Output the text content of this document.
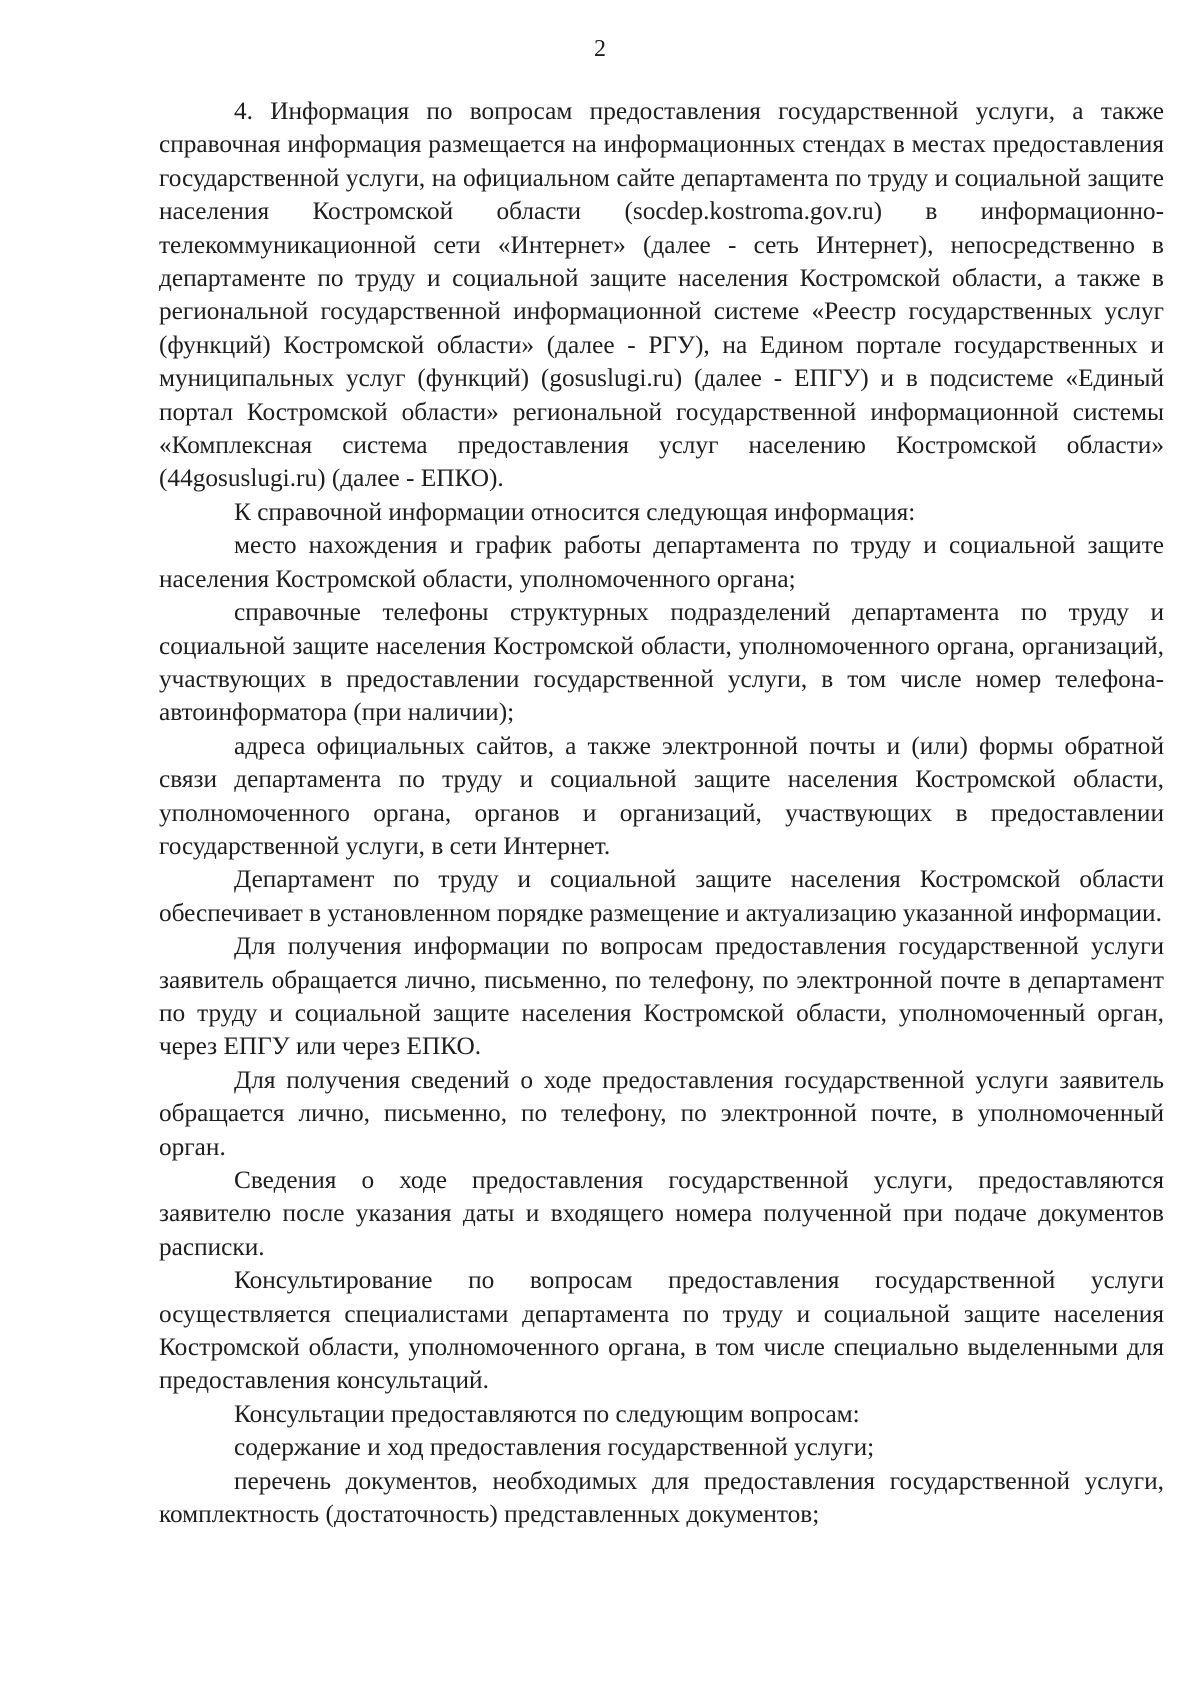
2

4. Информация по вопросам предоставления государственной услуги, а также справочная информация размещается на информационных стендах в местах предоставления государственной услуги, на официальном сайте департамента по труду и социальной защите населения Костромской области (socdep.kostroma.gov.ru) в информационно-телекоммуникационной сети «Интернет» (далее - сеть Интернет), непосредственно в департаменте по труду и социальной защите населения Костромской области, а также в региональной государственной информационной системе «Реестр государственных услуг (функций) Костромской области» (далее - РГУ), на Едином портале государственных и муниципальных услуг (функций) (gosuslugi.ru) (далее - ЕПГУ) и в подсистеме «Единый портал Костромской области» региональной государственной информационной системы «Комплексная система предоставления услуг населению Костромской области» (44gosuslugi.ru) (далее - ЕПКО).

К справочной информации относится следующая информация:

место нахождения и график работы департамента по труду и социальной защите населения Костромской области, уполномоченного органа;

справочные телефоны структурных подразделений департамента по труду и социальной защите населения Костромской области, уполномоченного органа, организаций, участвующих в предоставлении государственной услуги, в том числе номер телефона-автоинформатора (при наличии);

адреса официальных сайтов, а также электронной почты и (или) формы обратной связи департамента по труду и социальной защите населения Костромской области, уполномоченного органа, органов и организаций, участвующих в предоставлении государственной услуги, в сети Интернет.

Департамент по труду и социальной защите населения Костромской области обеспечивает в установленном порядке размещение и актуализацию указанной информации.

Для получения информации по вопросам предоставления государственной услуги заявитель обращается лично, письменно, по телефону, по электронной почте в департамент по труду и социальной защите населения Костромской области, уполномоченный орган, через ЕПГУ или через ЕПКО.

Для получения сведений о ходе предоставления государственной услуги заявитель обращается лично, письменно, по телефону, по электронной почте, в уполномоченный орган.

Сведения о ходе предоставления государственной услуги, предоставляются заявителю после указания даты и входящего номера полученной при подаче документов расписки.

Консультирование по вопросам предоставления государственной услуги осуществляется специалистами департамента по труду и социальной защите населения Костромской области, уполномоченного органа, в том числе специально выделенными для предоставления консультаций.

Консультации предоставляются по следующим вопросам:

содержание и ход предоставления государственной услуги;

перечень документов, необходимых для предоставления государственной услуги, комплектность (достаточность) представленных документов;
